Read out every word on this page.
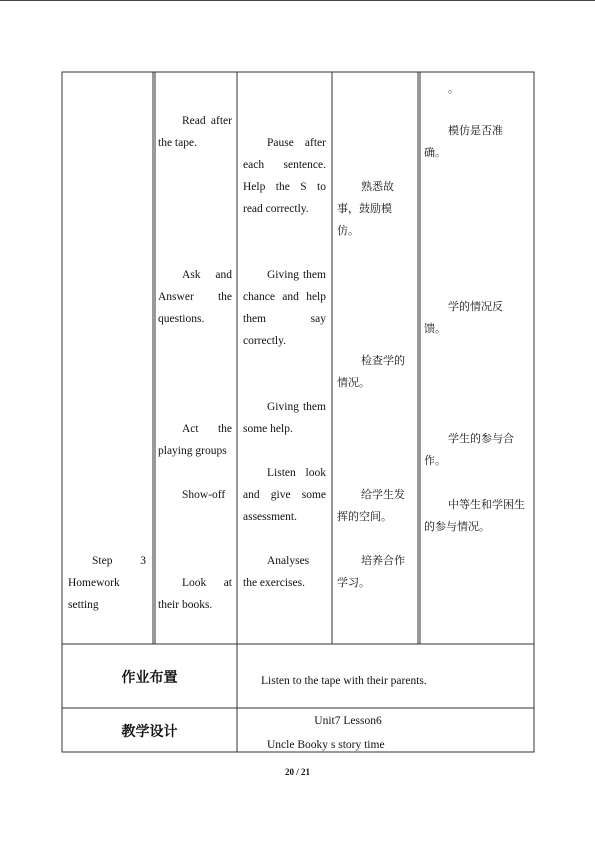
Step 3 Homework setting
Read after the tape.
Ask and Answer the questions.
Act the playing groups
Show-off
Look at their books.
Pause after each sentence. Help the S to read correctly.
Giving them chance and help them say correctly.
Giving them some help.
Listen look and give some assessment.
Analyses the exercises.
熟悉故事，鼓励模仿。
检查学的情况。
给学生发挥的空间。
培养合作学习。
。
模仿是否准确。
学的情况反馈。
学生的参与合作。
中等生和学困生的参与情况。
作业布置	Listen to the tape with their parents.
教学设计
Unit7 Lesson6
Uncle Booky s story time
20 / 21
